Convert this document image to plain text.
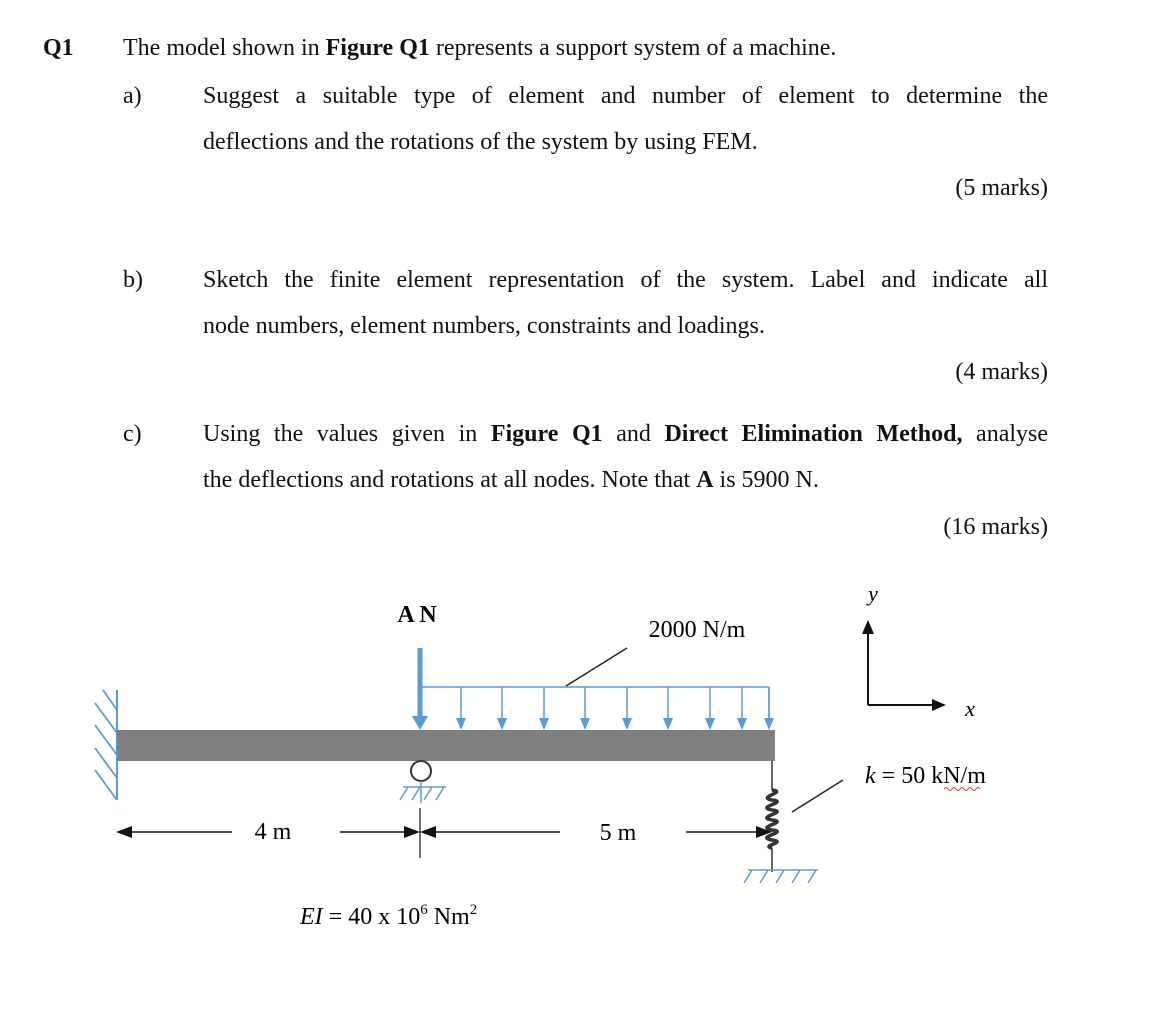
Q1 The model shown in Figure Q1 represents a support system of a machine.
a)	Suggest a suitable type of element and number of element to determine the
deflections and the rotations of the system by using FEM.
(5 marks)
b)	Sketch the finite element representation of the system. Label and indicate all
node numbers, element numbers, constraints and loadings.
(4 marks)
c)	Using the values given in Figure Q1 and Direct Elimination Method, analyse
the deflections and rotations at all nodes. Note that A is 5900 N.
(16 marks)
A N
2000 N/m
4 m	5 m
y
x
k = 50 kN/m
EI = 40 x $10^6$ Nm$^2$
